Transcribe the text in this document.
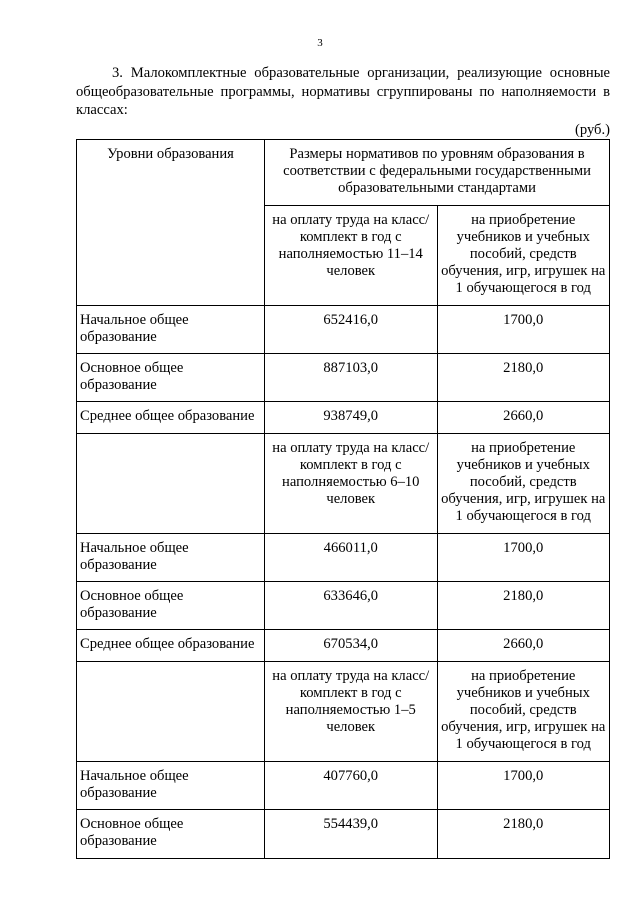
3

3. Малокомплектные образовательные организации, реализующие основные общеобразовательные программы, нормативы сгруппированы по наполняемости в классах:

(руб.)

Уровни образования	Размеры нормативов по уровням образования в соответствии с федеральными государственными образовательными стандартами	
	на оплату труда на класс/комплект в год с наполняемостью 11–14 человек	на приобретение учебников и учебных пособий, средств обучения, игр, игрушек на 1 обучающегося в год
Начальное общее образование	652416,0	1700,0
Основное общее образование	887103,0	2180,0
Среднее общее образование	938749,0	2660,0
	на оплату труда на класс/комплект в год с наполняемостью 6–10 человек	на приобретение учебников и учебных пособий, средств обучения, игр, игрушек на 1 обучающегося в год
Начальное общее образование	466011,0	1700,0
Основное общее образование	633646,0	2180,0
Среднее общее образование	670534,0	2660,0
	на оплату труда на класс/комплект в год с наполняемостью 1–5 человек	на приобретение учебников и учебных пособий, средств обучения, игр, игрушек на 1 обучающегося в год
Начальное общее образование	407760,0	1700,0
Основное общее образование	554439,0	2180,0
